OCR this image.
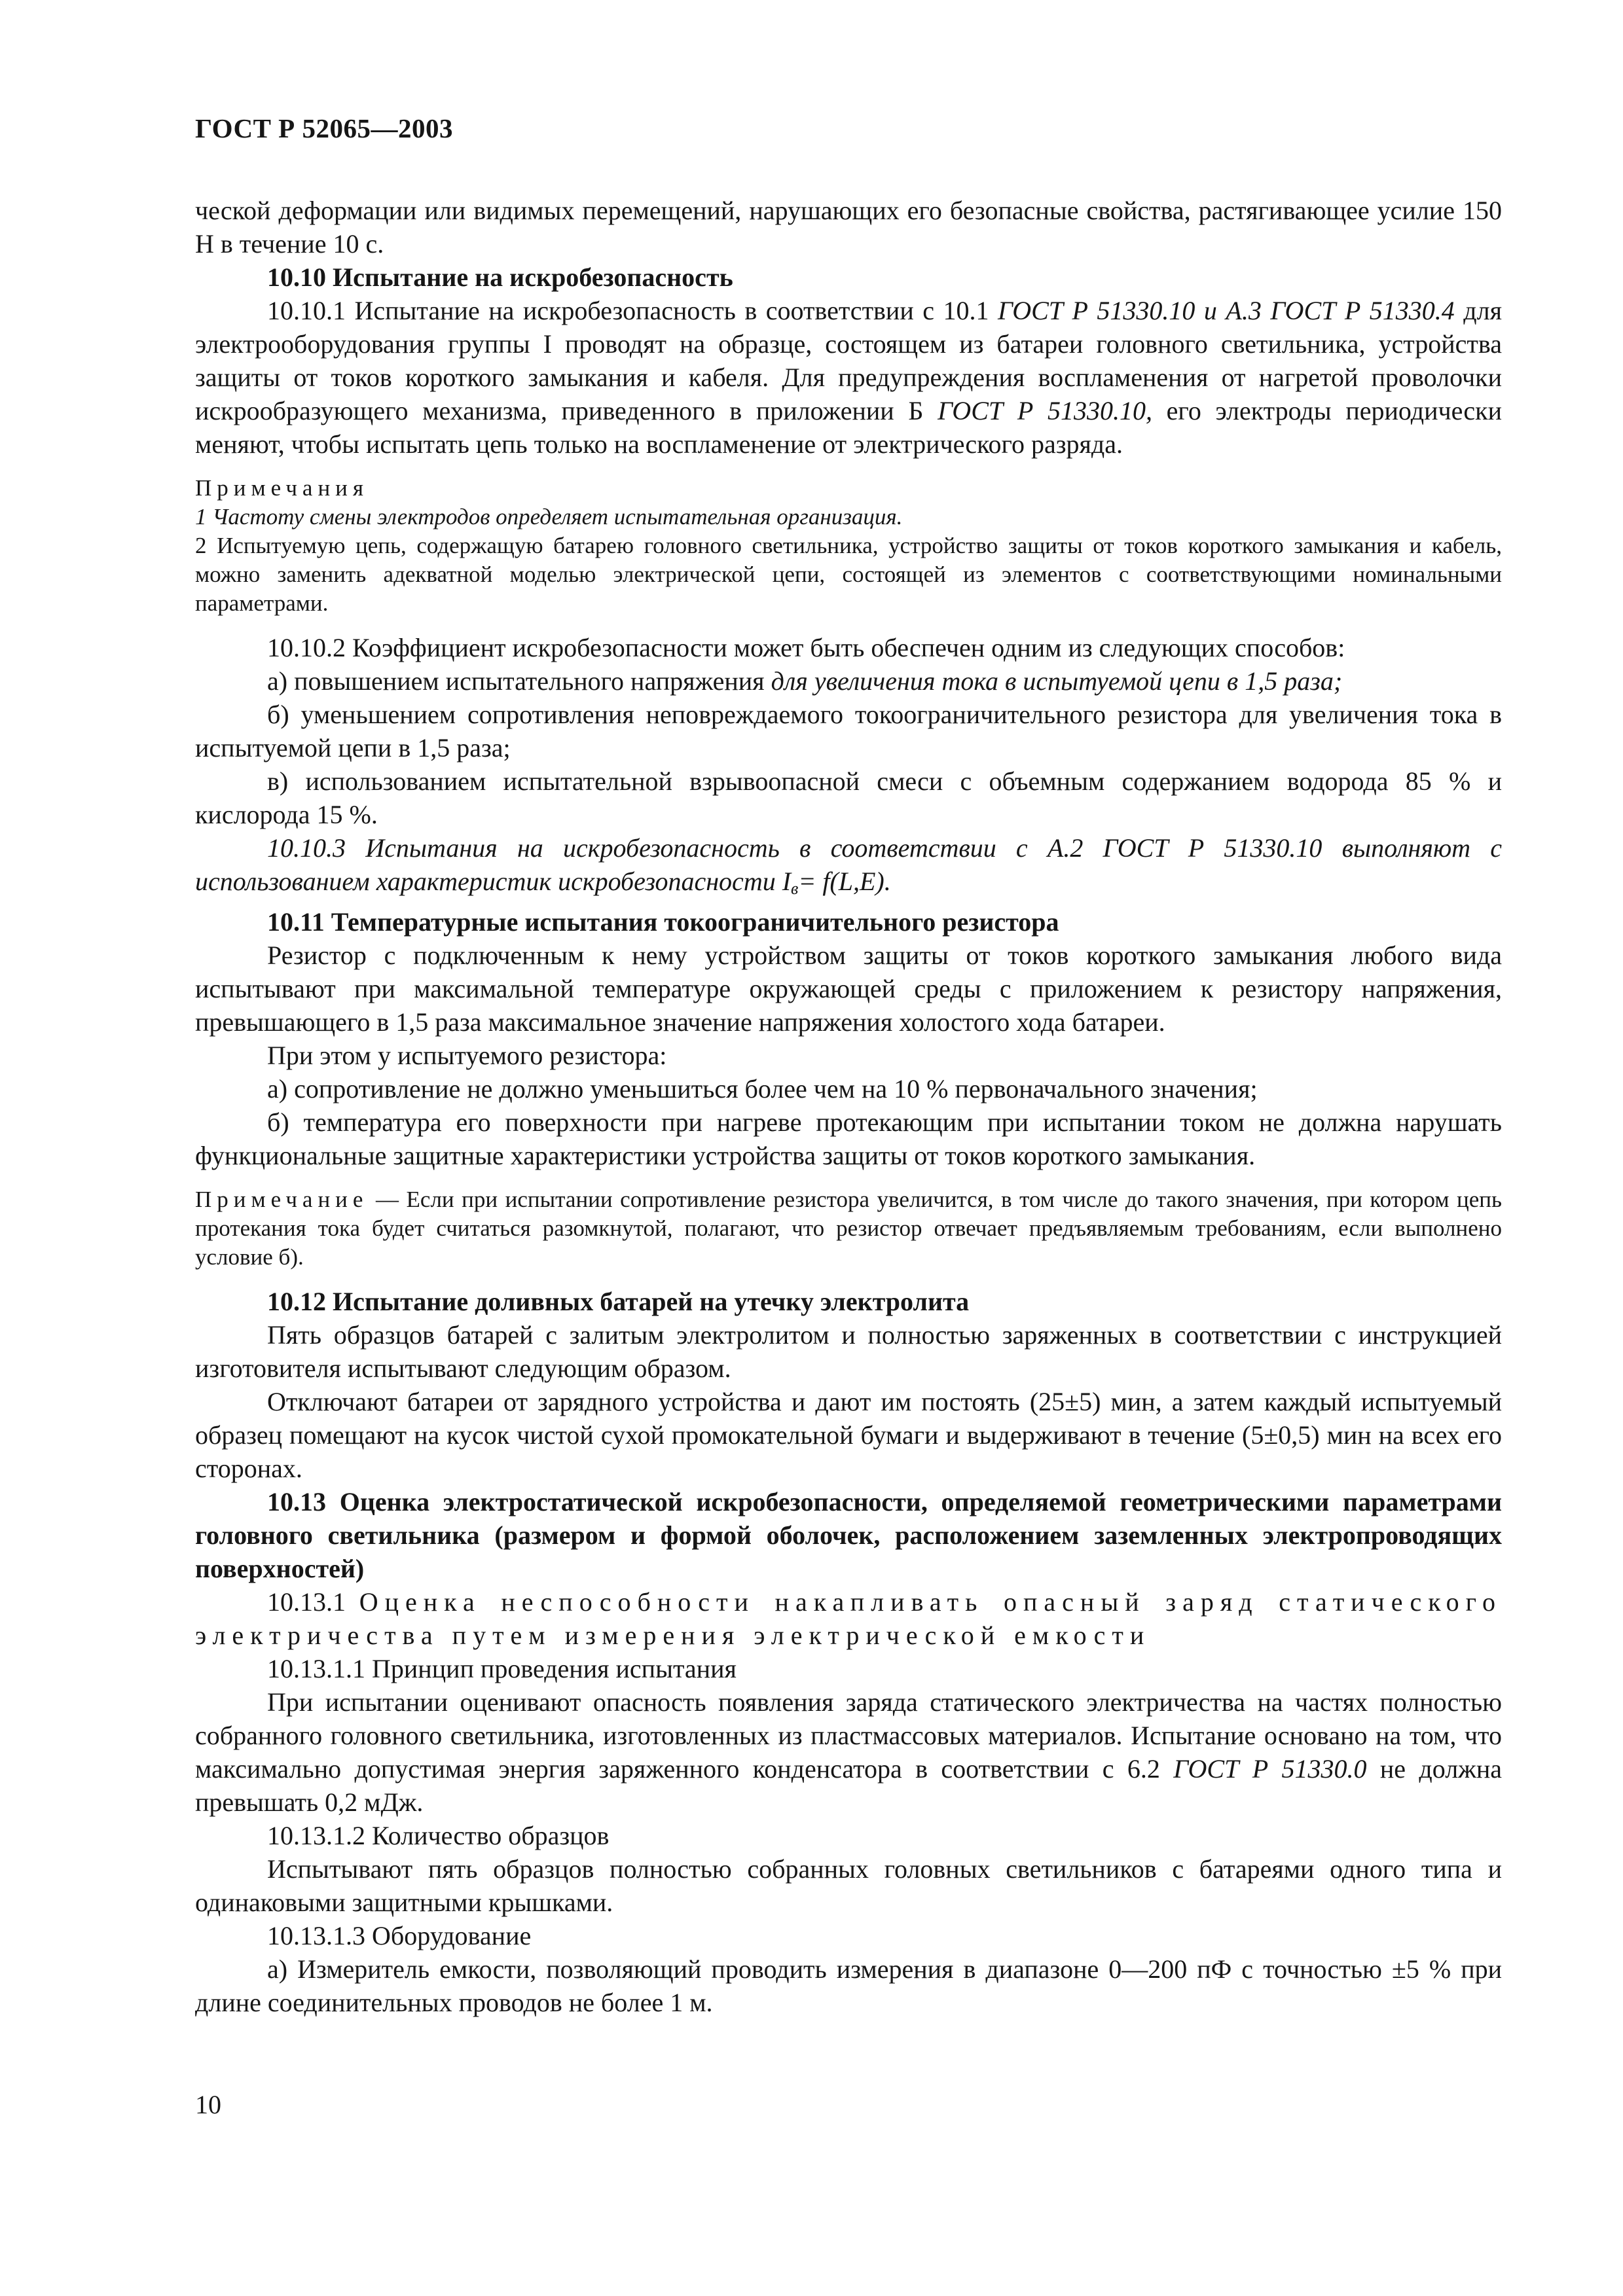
ГОСТ Р 52065—2003

ческой деформации или видимых перемещений, нарушающих его безопасные свойства, растягивающее усилие 150 Н в течение 10 с.

10.10 Испытание на искробезопасность

10.10.1 Испытание на искробезопасность в соответствии с 10.1 ГОСТ Р 51330.10 и А.3 ГОСТ Р 51330.4 для электрооборудования группы I проводят на образце, состоящем из батареи головного светильника, устройства защиты от токов короткого замыкания и кабеля. Для предупреждения воспламенения от нагретой проволочки искрообразующего механизма, приведенного в приложении Б ГОСТ Р 51330.10, его электроды периодически меняют, чтобы испытать цепь только на воспламенение от электрического разряда.

Примечания

1 Частоту смены электродов определяет испытательная организация.

2 Испытуемую цепь, содержащую батарею головного светильника, устройство защиты от токов короткого замыкания и кабель, можно заменить адекватной моделью электрической цепи, состоящей из элементов с соответствующими номинальными параметрами.

10.10.2 Коэффициент искробезопасности может быть обеспечен одним из следующих способов:

а) повышением испытательного напряжения для увеличения тока в испытуемой цепи в 1,5 раза;

б) уменьшением сопротивления неповреждаемого токоограничительного резистора для увеличения тока в испытуемой цепи в 1,5 раза;

в) использованием испытательной взрывоопасной смеси с объемным содержанием водорода 85 % и кислорода 15 %.

10.10.3 Испытания на искробезопасность в соответствии с А.2 ГОСТ Р 51330.10 выполняют с использованием характеристик искробезопасности $I_в= f(L,E)$.

10.11 Температурные испытания токоограничительного резистора

Резистор с подключенным к нему устройством защиты от токов короткого замыкания любого вида испытывают при максимальной температуре окружающей среды с приложением к резистору напряжения, превышающего в 1,5 раза максимальное значение напряжения холостого хода батареи.

При этом у испытуемого резистора:

а) сопротивление не должно уменьшиться более чем на 10 % первоначального значения;

б) температура его поверхности при нагреве протекающим при испытании током не должна нарушать функциональные защитные характеристики устройства защиты от токов короткого замыкания.

Примечание — Если при испытании сопротивление резистора увеличится, в том числе до такого значения, при котором цепь протекания тока будет считаться разомкнутой, полагают, что резистор отвечает предъявляемым требованиям, если выполнено условие б).

10.12 Испытание доливных батарей на утечку электролита

Пять образцов батарей с залитым электролитом и полностью заряженных в соответствии с инструкцией изготовителя испытывают следующим образом.

Отключают батареи от зарядного устройства и дают им постоять (25±5) мин, а затем каждый испытуемый образец помещают на кусок чистой сухой промокательной бумаги и выдерживают в течение (5±0,5) мин на всех его сторонах.

10.13 Оценка электростатической искробезопасности, определяемой геометрическими параметрами головного светильника (размером и формой оболочек, расположением заземленных электропроводящих поверхностей)

10.13.1 Оценка неспособности накапливать опасный заряд статического электричества путем измерения электрической емкости

10.13.1.1 Принцип проведения испытания

При испытании оценивают опасность появления заряда статического электричества на частях полностью собранного головного светильника, изготовленных из пластмассовых материалов. Испытание основано на том, что максимально допустимая энергия заряженного конденсатора в соответствии с 6.2 ГОСТ Р 51330.0 не должна превышать 0,2 мДж.

10.13.1.2 Количество образцов

Испытывают пять образцов полностью собранных головных светильников с батареями одного типа и одинаковыми защитными крышками.

10.13.1.3 Оборудование

а) Измеритель емкости, позволяющий проводить измерения в диапазоне 0—200 пФ с точностью ±5 % при длине соединительных проводов не более 1 м.

10
